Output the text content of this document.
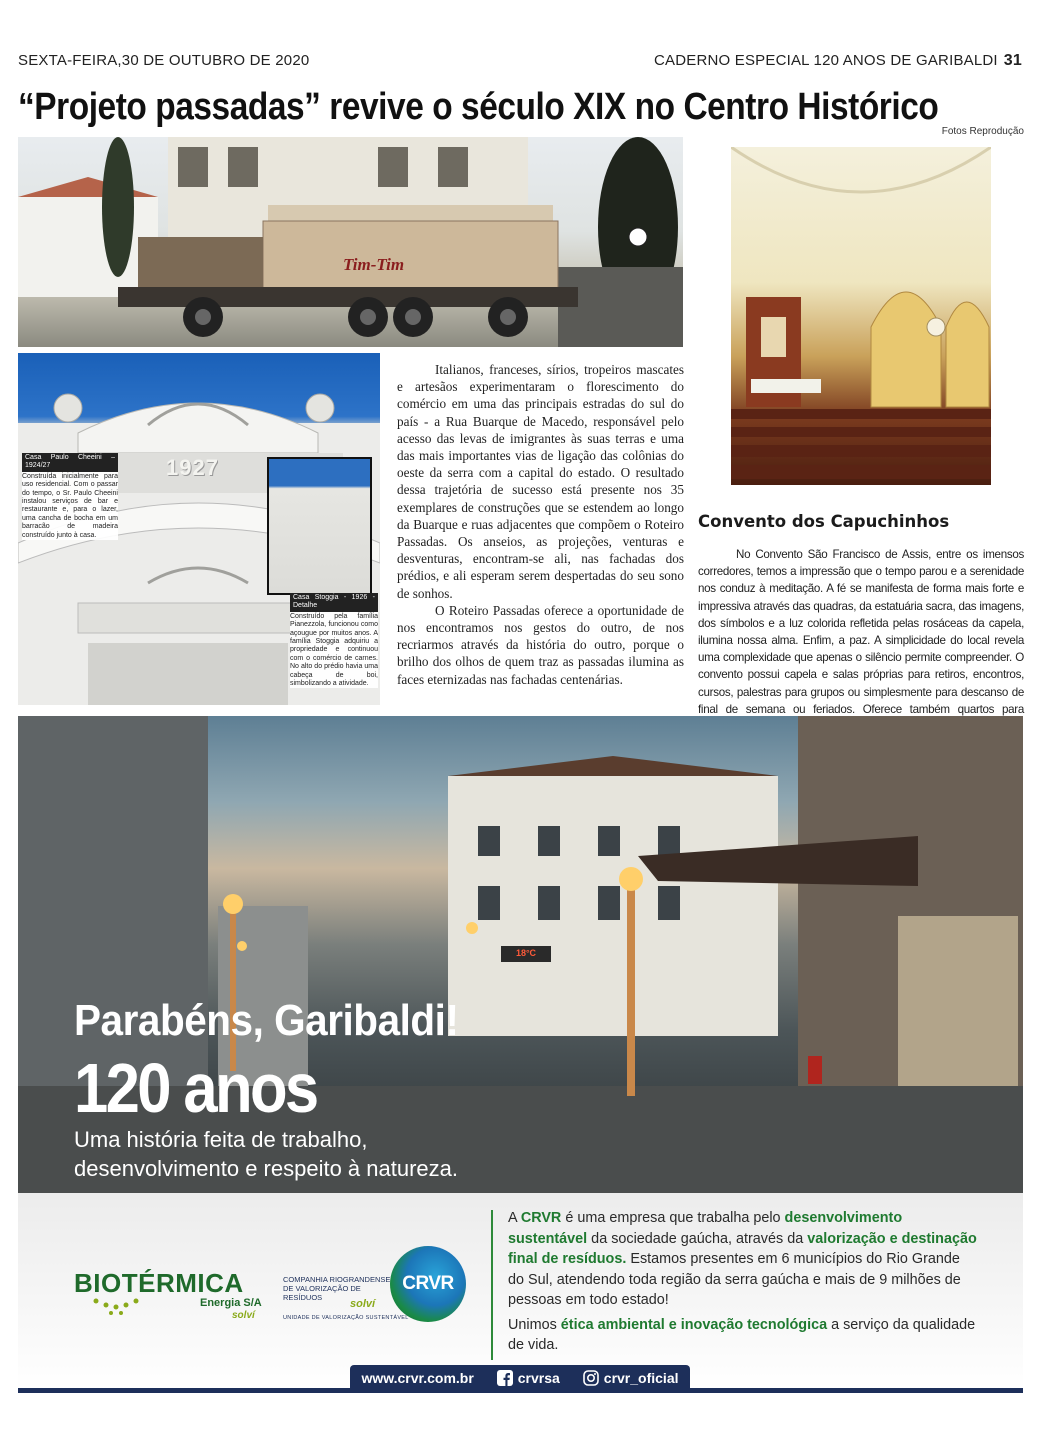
SEXTA-FEIRA,30 DE OUTUBRO DE 2020	CADERNO ESPECIAL 120 ANOS DE GARIBALDI 31
“Projeto passadas” revive o século XIX no Centro Histórico
Fotos Reprodução
Tim-Tim
1927
Casa Paulo Cheeini – 1924/27
Construída inicialmente para uso residencial. Com o passar do tempo, o Sr. Paulo Cheeini instalou serviços de bar e restaurante e, para o lazer, uma cancha de bocha em um barracão de madeira construído junto à casa.
Casa Stoggia - 1926 - Detalhe
Construído pela família Pianezzola, funcionou como açougue por muitos anos. A família Stoggia adquiriu a propriedade e continuou com o comércio de carnes. No alto do prédio havia uma cabeça de boi, simbolizando a atividade.

Italianos, franceses, sírios, tropeiros mascates e artesãos experimentaram o florescimento do comércio em uma das principais estradas do sul do país - a Rua Buarque de Macedo, responsável pelo acesso das levas de imigrantes às suas terras e uma das mais importantes vias de ligação das colônias do oeste da serra com a capital do estado. O resultado dessa trajetória de sucesso está presente nos 35 exemplares de construções que se estendem ao longo da Buarque e ruas adjacentes que compõem o Roteiro Passadas. Os anseios, as projeções, venturas e desventuras, encontram-se ali, nas fachadas dos prédios, e ali esperam serem despertadas do seu sono de sonhos.

O Roteiro Passadas oferece a oportunidade de nos encontramos nos gestos do outro, de nos recriarmos através da história do outro, porque o brilho dos olhos de quem traz as passadas ilumina as faces eternizadas nas fachadas centenárias.

Convento dos Capuchinhos

No Convento São Francisco de Assis, entre os imensos corredores, temos a impressão que o tempo parou e a serenidade nos conduz à meditação. A fé se manifesta de forma mais forte e impressiva através das quadras, da estatuária sacra, das imagens, dos símbolos e a luz colorida refletida pelas rosáceas da capela, ilumina nossa alma. Enfim, a paz. A simplicidade do local revela uma complexidade que apenas o silêncio permite compreender. O convento possui capela e salas próprias para retiros, encontros, cursos, palestras para grupos ou simplesmente para descanso de final de semana ou feriados. Oferece também quartos para

18°C
Parabéns, Garibaldi!
120 anos
Uma história feita de trabalho,
desenvolvimento e respeito à natureza.
BIOTÉRMICA
Energia S/A
solví
COMPANHIA RIOGRANDENSE DE VALORIZAÇÃO DE RESÍDUOS
solví
UNIDADE DE VALORIZAÇÃO SUSTENTÁVEL
CRVR

A CRVR é uma empresa que trabalha pelo desenvolvimento sustentável da sociedade gaúcha, através da valorização e destinação final de resíduos. Estamos presentes em 6 municípios do Rio Grande do Sul, atendendo toda região da serra gaúcha e mais de 9 milhões de pessoas em todo estado!

Unimos ética ambiental e inovação tecnológica a serviço da qualidade de vida.

www.crvr.com.br	crvrsa	crvr_oficial
